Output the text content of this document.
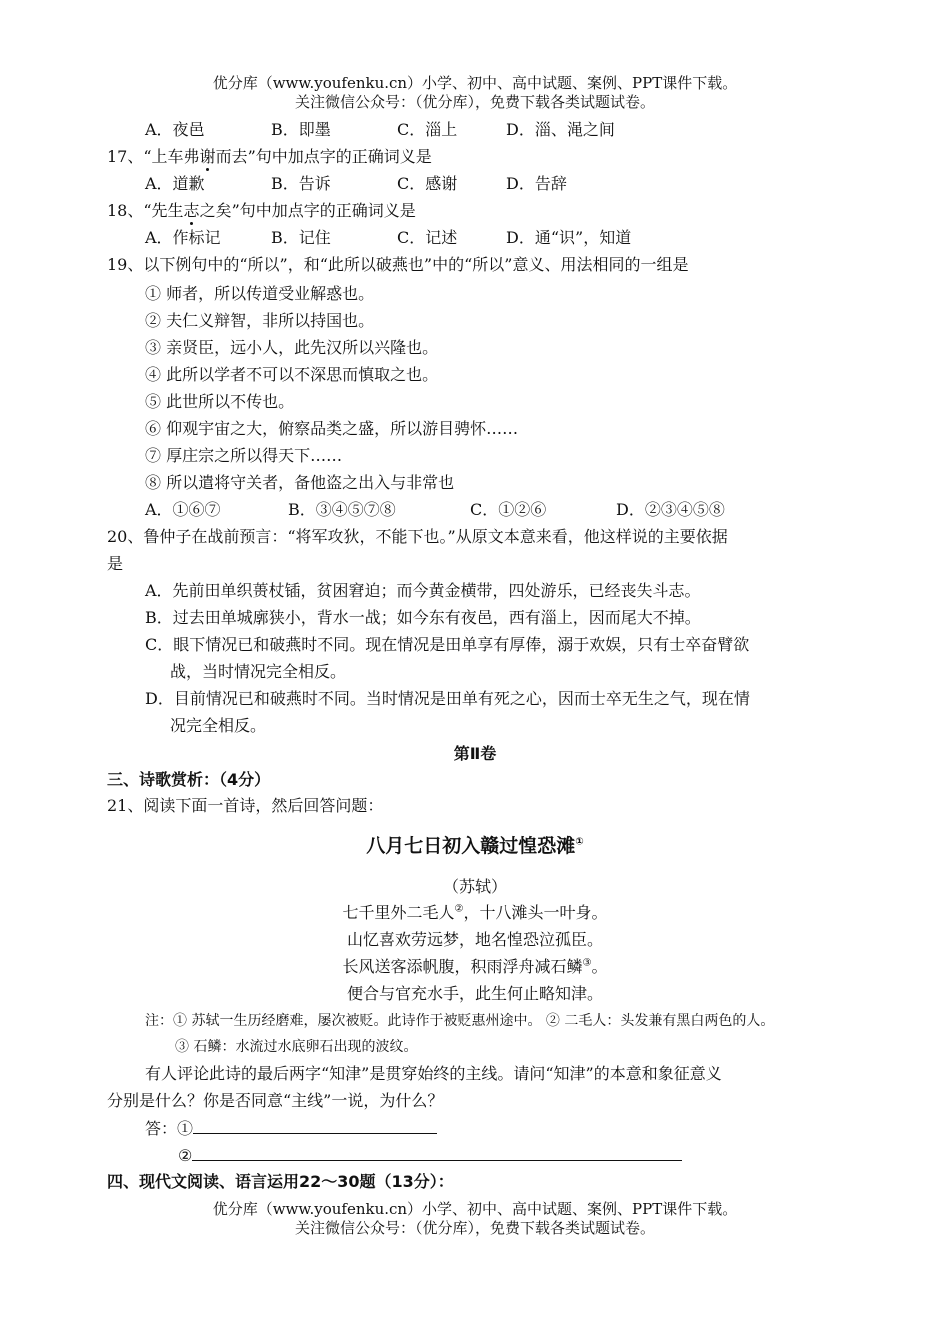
优分库（www.youfenku.cn）小学、初中、高中试题、案例、PPT课件下载。
关注微信公众号：（优分库），免费下载各类试题试卷。
A．夜邑	B．即墨	C．淄上	D．淄、渑之间
17、“上车弗谢而去”句中加点字的正确词义是
A．道歉	B．告诉	C．感谢	D．告辞
18、“先生志之矣”句中加点字的正确词义是
A．作标记	B．记住	C．记述	D．通“识”，知道
19、以下例句中的“所以”，和“此所以破燕也”中的“所以”意义、用法相同的一组是
① 师者，所以传道受业解惑也。
② 夫仁义辩智，非所以持国也。
③ 亲贤臣，远小人，此先汉所以兴隆也。
④ 此所以学者不可以不深思而慎取之也。
⑤ 此世所以不传也。
⑥ 仰观宇宙之大，俯察品类之盛，所以游目骋怀……
⑦ 厚庄宗之所以得天下……
⑧ 所以遣将守关者，备他盗之出入与非常也
A．①⑥⑦	B．③④⑤⑦⑧	C．①②⑥	D．②③④⑤⑧
20、鲁仲子在战前预言：“将军攻狄，不能下也。”从原文本意来看，他这样说的主要依据
是
A．先前田单织蒉杖锸，贫困窘迫；而今黄金横带，四处游乐，已经丧失斗志。
B．过去田单城廓狭小，背水一战；如今东有夜邑，西有淄上，因而尾大不掉。
C．眼下情况已和破燕时不同。现在情况是田单享有厚俸，溺于欢娱，只有士卒奋臂欲
战，当时情况完全相反。
D．目前情况已和破燕时不同。当时情况是田单有死之心，因而士卒无生之气，现在情
况完全相反。
第Ⅱ卷
三、诗歌赏析：（4分）
21、阅读下面一首诗，然后回答问题：
八月七日初入赣过惶恐滩①
（苏轼）
七千里外二毛人②，十八滩头一叶身。
山忆喜欢劳远梦，地名惶恐泣孤臣。
长风送客添帆腹，积雨浮舟减石鳞③。
便合与官充水手，此生何止略知津。
注：① 苏轼一生历经磨难，屡次被贬。此诗作于被贬惠州途中。 ② 二毛人：头发兼有黑白两色的人。
③ 石鳞：水流过水底卵石出现的波纹。
有人评论此诗的最后两字“知津”是贯穿始终的主线。请问“知津”的本意和象征意义
分别是什么？你是否同意“主线”一说，为什么？
答：①
②
四、现代文阅读、语言运用22～30题（13分）：
优分库（www.youfenku.cn）小学、初中、高中试题、案例、PPT课件下载。
关注微信公众号：（优分库），免费下载各类试题试卷。
